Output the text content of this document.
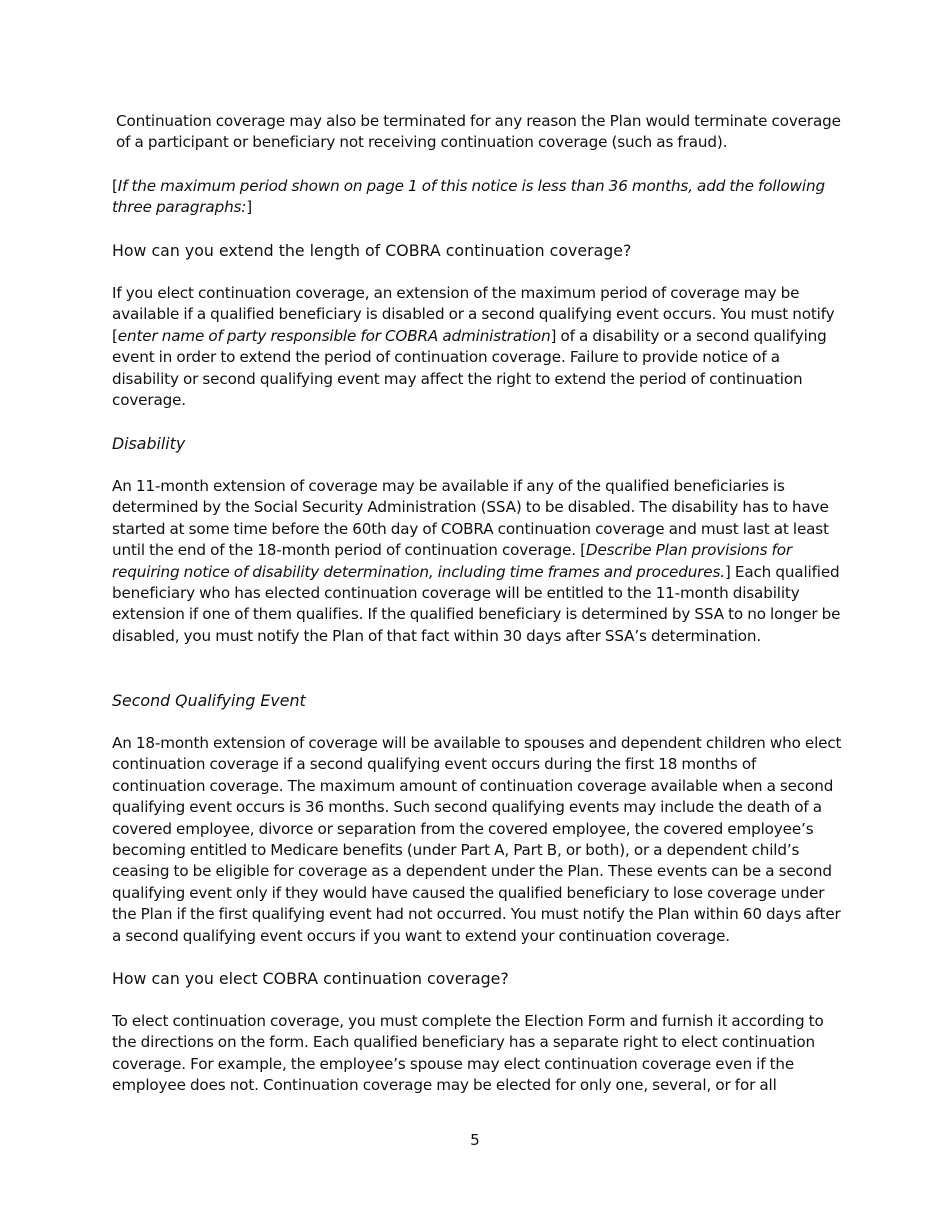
Continuation coverage may also be terminated for any reason the Plan would terminate coverage of a participant or beneficiary not receiving continuation coverage (such as fraud).

[If the maximum period shown on page 1 of this notice is less than 36 months, add the following three paragraphs:]

How can you extend the length of COBRA continuation coverage?

If you elect continuation coverage, an extension of the maximum period of coverage may be available if a qualified beneficiary is disabled or a second qualifying event occurs. You must notify [enter name of party responsible for COBRA administration] of a disability or a second qualifying event in order to extend the period of continuation coverage. Failure to provide notice of a disability or second qualifying event may affect the right to extend the period of continuation coverage.

Disability

An 11-month extension of coverage may be available if any of the qualified beneficiaries is determined by the Social Security Administration (SSA) to be disabled. The disability has to have started at some time before the 60th day of COBRA continuation coverage and must last at least until the end of the 18-month period of continuation coverage. [Describe Plan provisions for requiring notice of disability determination, including time frames and procedures.] Each qualified beneficiary who has elected continuation coverage will be entitled to the 11-month disability extension if one of them qualifies. If the qualified beneficiary is determined by SSA to no longer be disabled, you must notify the Plan of that fact within 30 days after SSA’s determination.

Second Qualifying Event

An 18-month extension of coverage will be available to spouses and dependent children who elect continuation coverage if a second qualifying event occurs during the first 18 months of continuation coverage. The maximum amount of continuation coverage available when a second qualifying event occurs is 36 months. Such second qualifying events may include the death of a covered employee, divorce or separation from the covered employee, the covered employee’s becoming entitled to Medicare benefits (under Part A, Part B, or both), or a dependent child’s ceasing to be eligible for coverage as a dependent under the Plan. These events can be a second qualifying event only if they would have caused the qualified beneficiary to lose coverage under the Plan if the first qualifying event had not occurred. You must notify the Plan within 60 days after a second qualifying event occurs if you want to extend your continuation coverage.

How can you elect COBRA continuation coverage?

To elect continuation coverage, you must complete the Election Form and furnish it according to the directions on the form. Each qualified beneficiary has a separate right to elect continuation coverage. For example, the employee’s spouse may elect continuation coverage even if the employee does not. Continuation coverage may be elected for only one, several, or for all

5
